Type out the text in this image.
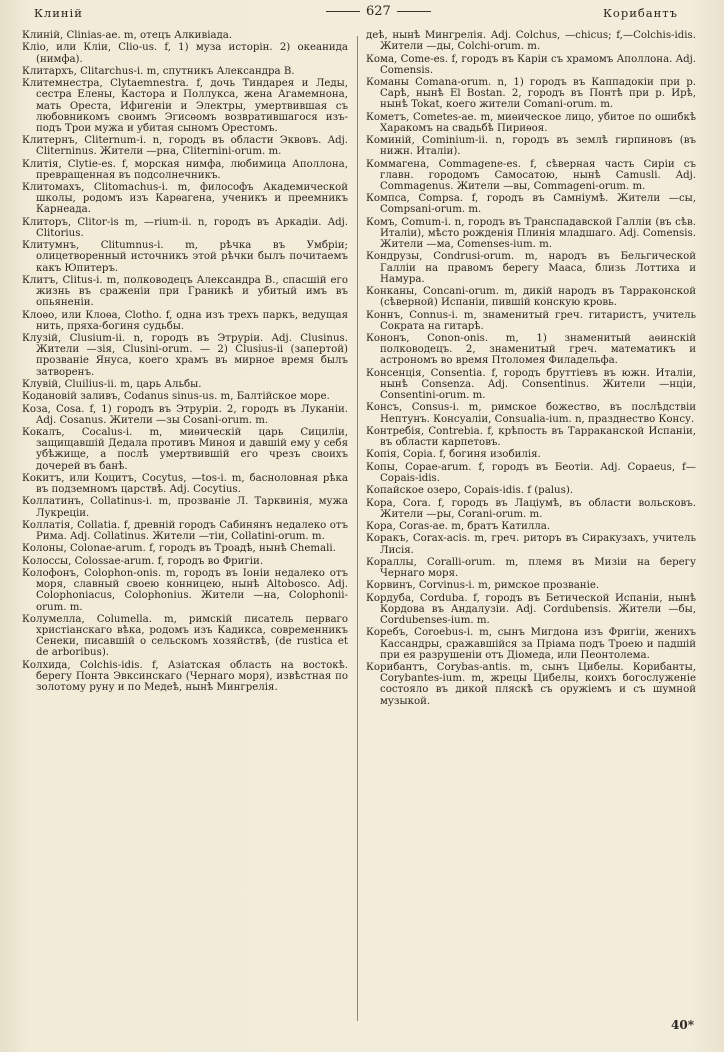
Клиній	627	Корибантъ

Клиній, Clinias-ae. m, отецъ Алкивіада.

Кліо, или Кліи, Clio-us. f, 1) муза исторін. 2) океанида (нимфа).

Клитархъ, Clitarchus-i. m, спутникъ Александра В.

Клитемнестра, Clytaemnestra. f, дочь Тиндарея и Леды, сестра Елены, Кастора и Поллукса, жена Агамемнона, мать Ореста, Ифигеніи и Электры, умертвившая съ любовникомъ своимъ Эгисѳомъ возвратившагося изъ-подъ Трои мужа и убитая сыномъ Орестомъ.

Клитернъ, Cliternum-i. n, городъ въ области Эквовъ. Adj. Cliterninus. Жители —рна, Cliternini-orum. m.

Клитія, Clytie-es. f, морская нимфа, любимица Аполлона, превращенная въ подсолнечникъ.

Клитомахъ, Clitomachus-i. m, философъ Академической школы, родомъ изъ Карѳагена, ученикъ и преемникъ Карнеада.

Клиторъ, Clitor-is m, —rium-ii. n, городъ въ Аркадіи. Adj. Clitorius.

Клитумнъ, Clitumnus-i. m, рѣчка въ Умбріи; олицетворенный источникъ этой рѣчки былъ почитаемъ какъ Юпитеръ.

Клитъ, Clitus-i. m, полководецъ Александра В., спасшій его жизнь въ сраженіи при Граникѣ и убитый имъ въ опьяненіи.

Клоѳо, или Клоѳа, Clotho. f, одна изъ трехъ паркъ, ведущая нить, пряха-богиня судьбы.

Клузій, Clusium-ii. n, городъ въ Этруріи. Adj. Clusinus. Жители —зія, Clusini-orum. — 2) Clusius-ii (запертой) прозваніе Януса, коего храмъ въ мирное время былъ затворенъ.

Клувій, Cluilius-ii. m, царь Альбы.

Кодановій заливъ, Codanus sinus-us. m, Балтійское море.

Коза, Cosa. f, 1) городъ въ Этруріи. 2, городъ въ Луканіи. Adj. Cosanus. Жители —зы Cosani-orum. m.

Кокалъ, Cocalus-i. m, миѳическій царь Сициліи, защищавшій Дедала противъ Миноя и давшій ему у себя убѣжище, а послѣ умертвившій его чрезъ своихъ дочерей въ банѣ.

Кокитъ, или Коцитъ, Cocytus, —tos-i. m, басноловная рѣка въ подземномъ царствѣ. Adj. Cocytius.

Коллатинъ, Collatinus-i. m, прозваніе Л. Тарквинія, мужа Лукреціи.

Коллатія, Collatia. f, древній городъ Сабинянъ недалеко отъ Рима. Adj. Collatinus. Жители —тіи, Collatini-orum. m.

Колоны, Colonae-arum. f, городъ въ Троадѣ, нынѣ Chemali.

Колоссы, Colossae-arum. f, городъ во Фригіи.

Колофонъ, Colophon-onis. m, городъ въ Іоніи недалеко отъ моря, славный своею конницею, нынѣ Altobosco. Adj. Colophoniacus, Colophonius. Жители —на, Colophonii-orum. m.

Колумелла, Columella. m, римскій писатель перваго христіанскаго вѣка, родомъ изъ Кадикса, современникъ Сенеки, писавшій о сельскомъ хозяйствѣ, (de rustica et de arboribus).

Колхида, Colchis-idis. f, Азіатская область на востокѣ. берегу Понта Эвксинскаго (Чернаго моря), извѣстная по золотому руну и по Медеѣ, нынѣ Мингрелія.

деѣ, нынѣ Мингрелія. Adj. Colchus, —chicus; f,—Colchis-idis. Жители —ды, Colchi-orum. m.

Кома, Come-es. f, городъ въ Каріи съ храмомъ Аполлона. Adj. Comensis.

Команы Comana-orum. n, 1) городъ въ Каппадокіи при р. Сарѣ, нынѣ El Bostan. 2, городъ въ Понтѣ при р. Ирѣ, нынѣ Tokat, коего жители Comani-orum. m.

Кометъ, Cometes-ae. m, миѳическое лицо, убитое по ошибкѣ Харакомъ на свадьбѣ Пириѳоя.

Коминій, Cominium-ii. n, городъ въ землѣ гирпиновъ (въ нижн. Италіи).

Коммагена, Commagene-es. f, сѣверная часть Сиріи съ главн. городомъ Самосатою, нынѣ Camusli. Adj. Commagenus. Жители —вы, Commageni-orum. m.

Компса, Compsa. f, городъ въ Самніумѣ. Жители —сы, Compsani-orum. m.

Комъ, Comum-i. n, городъ въ Транспадавской Галліи (въ сѣв. Италіи), мѣсто рожденія Плинія младшаго. Adj. Comensis. Жители —ма, Comenses-ium. m.

Кондрузы, Condrusi-orum. m, народъ въ Бельгической Галліи на правомъ берегу Мааса, близь Лоттиха и Намура.

Конканы, Concani-orum. m, дикій народъ въ Тарраконской (сѣверной) Испаніи, пившій конскую кровь.

Коннъ, Connus-i. m, знаменитый греч. гитаристъ, учитель Сократа на гитарѣ.

Кононъ, Conon-onis. m, 1) знаменитый аѳинскій полководецъ. 2, знаменитый греч. математикъ и астрономъ во время Птоломея Филадельфа.

Консенція, Consentia. f, городъ бруттіевъ въ южн. Италіи, нынѣ Consenza. Adj. Consentinus. Жители —нціи, Consentini-orum. m.

Консъ, Consus-i. m, римское божество, въ послѣдствіи Нептунъ. Консуаліи, Consualia-ium. n, празднество Консу.

Контребія, Contrebia. f, крѣпость въ Тарраканской Испаніи, въ области карпетовъ.

Копія, Copia. f, богиня изобилія.

Копы, Copae-arum. f, городъ въ Беотіи. Adj. Copaeus, f—Copais-idis.

Копайское озеро, Copais-idis. f (palus).

Кора, Cora. f, городъ въ Лаціумѣ, въ области вольсковъ. Жители —ры, Corani-orum. m.

Кора, Coras-ae. m, братъ Катилла.

Коракъ, Corax-acis. m, греч. риторъ въ Сиракузахъ, учитель Лисія.

Кораллы, Coralli-orum. m, племя въ Мизіи на берегу Чернаго моря.

Корвинъ, Corvinus-i. m, римское прозваніе.

Кордуба, Corduba. f, городъ въ Бетической Испаніи, нынѣ Кордова въ Андалузіи. Adj. Cordubensis. Жители —бы, Cordubenses-ium. m.

Коребъ, Coroebus-i. m, сынъ Мигдона изъ Фригіи, женихъ Кассандры, сражавшійся за Пріама подъ Троею и падшій при ея разрушеніи отъ Діомеда, или Пеонтолема.

Корибантъ, Corybas-antis. m, сынъ Цибелы. Корибанты, Corybantes-ium. m, жрецы Цибелы, коихъ богослуженіе состояло въ дикой пляскѣ съ оружіемъ и съ шумной музыкой.

40*
